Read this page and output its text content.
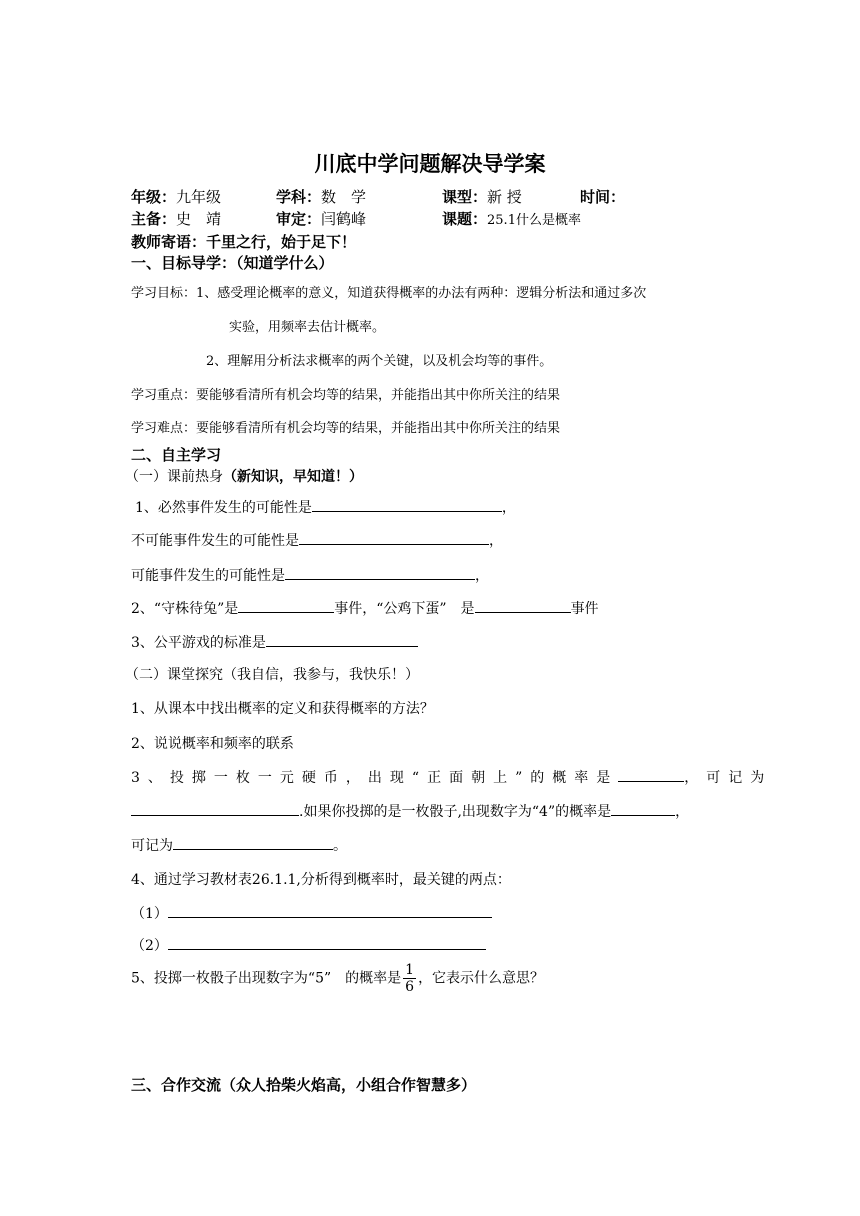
川底中学问题解决导学案
年级：九年级	学科：数　学	课型：新 授	时间：
主备：史　靖	审定：闫鹤峰	课题：25.1什么是概率
教师寄语：千里之行，始于足下！
一、目标导学：（知道学什么）
学习目标：1、感受理论概率的意义，知道获得概率的办法有两种：逻辑分析法和通过多次
实验，用频率去估计概率。
2、理解用分析法求概率的两个关键，以及机会均等的事件。
学习重点：要能够看清所有机会均等的结果，并能指出其中你所关注的结果
学习难点：要能够看清所有机会均等的结果，并能指出其中你所关注的结果
二、自主学习
（一）课前热身（新知识，早知道！）
1、必然事件发生的可能性是	，
不可能事件发生的可能性是	，
可能事件发生的可能性是	，
2、“守株待兔”是	事件，“公鸡下蛋”　是	事件
3、公平游戏的标准是
（二）课堂探究（我自信，我参与，我快乐！）
1、从课本中找出概率的定义和获得概率的方法？
2、说说概率和频率的联系
3、投掷一枚一元硬币，出现“正面朝上”的概率是	，可记为
.如果你投掷的是一枚骰子,出现数字为“4”的概率是	，
可记为	。
4、通过学习教材表26.1.1,分析得到概率时，最关键的两点：
（1）
（2）
5、投掷一枚骰子出现数字为“5”　的概率是 $\frac{1}{6}$ ，它表示什么意思？
三、合作交流（众人拾柴火焰高，小组合作智慧多）
